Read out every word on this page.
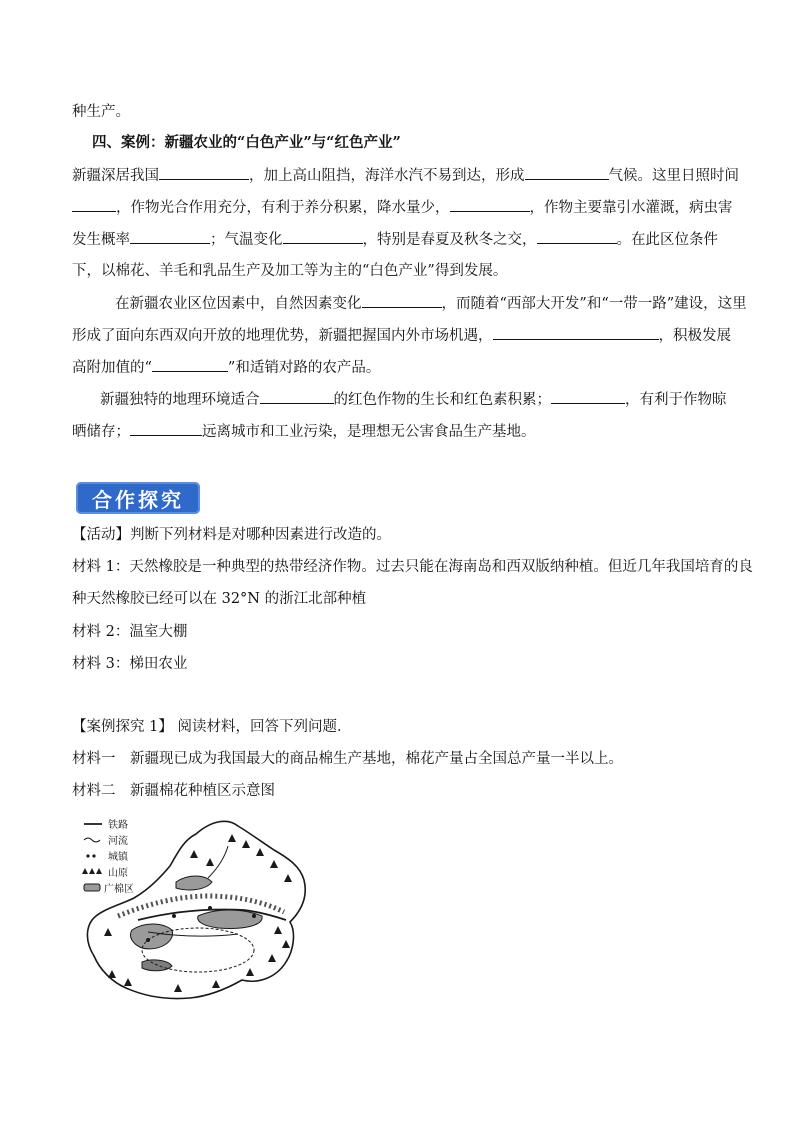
种生产。
四、案例：新疆农业的“白色产业”与“红色产业”
新疆深居我国	，加上高山阻挡，海洋水汽不易到达，形成	气候。这里日照时间
，作物光合作用充分，有利于养分积累，降水量少，	，作物主要靠引水灌溉，病虫害
发生概率	；气温变化	，特别是春夏及秋冬之交，	。在此区位条件
下，以棉花、羊毛和乳品生产及加工等为主的“白色产业”得到发展。
在新疆农业区位因素中，自然因素变化	，而随着“西部大开发”和“一带一路”建设，这里
形成了面向东西双向开放的地理优势，新疆把握国内外市场机遇，	，积极发展
高附加值的“	”和适销对路的农产品。
新疆独特的地理环境适合	的红色作物的生长和红色素积累；	，有利于作物晾
晒储存；	远离城市和工业污染，是理想无公害食品生产基地。
合作探究
【活动】判断下列材料是对哪种因素进行改造的。
材料 1：天然橡胶是一种典型的热带经济作物。过去只能在海南岛和西双版纳种植。但近几年我国培育的良
种天然橡胶已经可以在 32°N 的浙江北部种植
材料 2：温室大棚
材料 3：梯田农业
【案例探究 1】 阅读材料，回答下列问题．
材料一　新疆现已成为我国最大的商品棉生产基地，棉花产量占全国总产量一半以上。
材料二　新疆棉花种植区示意图
铁路
河流
城镇
山原
广棉区
